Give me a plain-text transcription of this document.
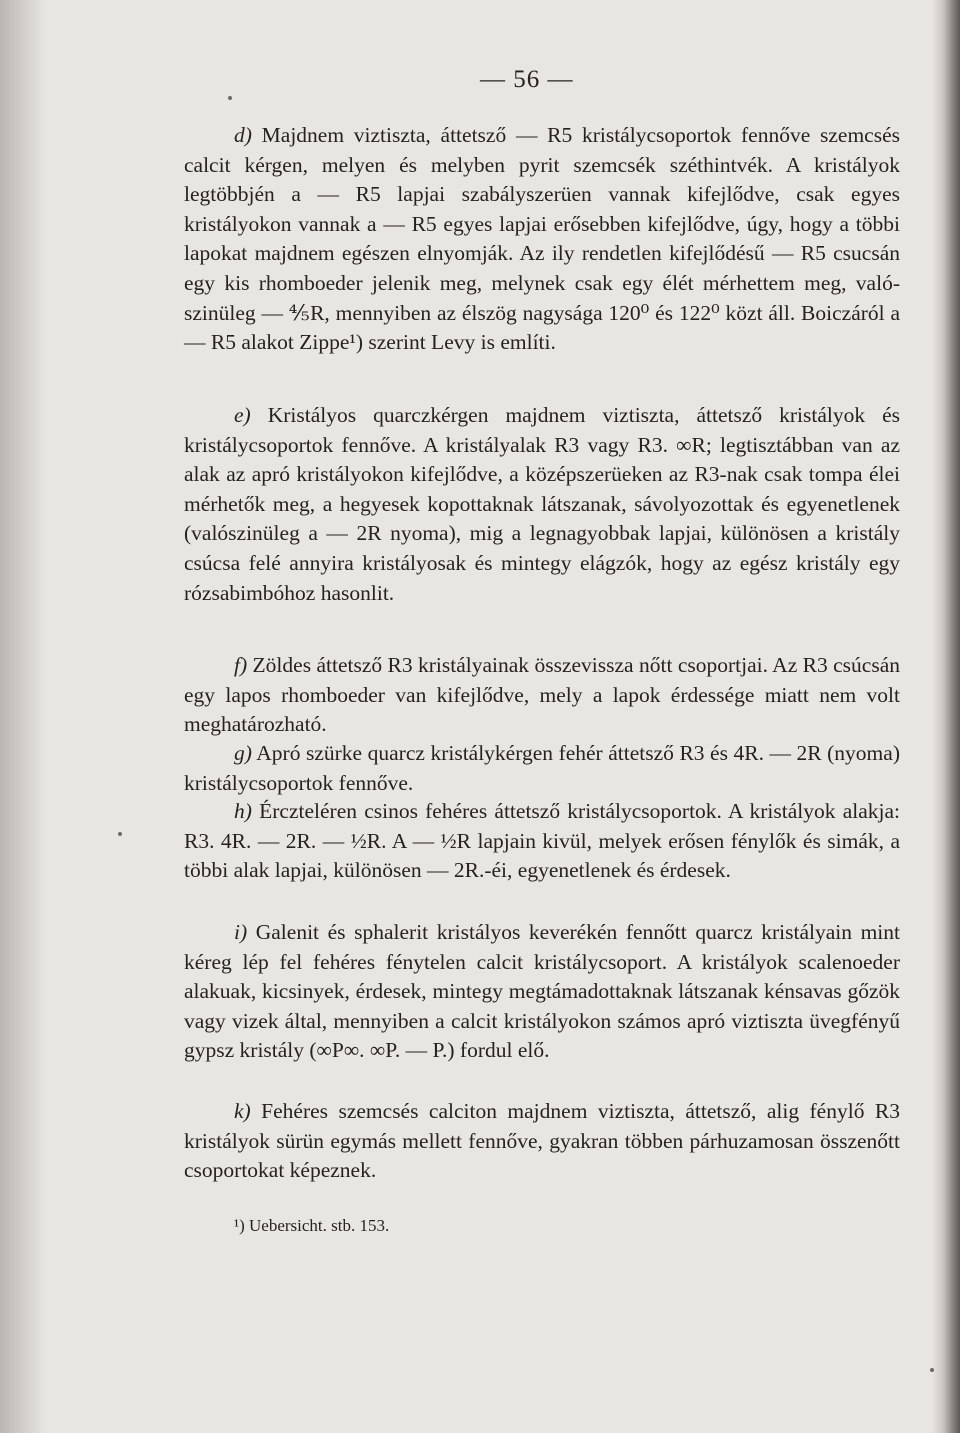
— 56 —

d) Majdnem viztiszta, áttetsző — R5 kristálycsoportok fennőve szemcsés calcit kérgen, melyen és melyben pyrit szemcsék széthintvék. A kristályok legtöbbjén a — R5 lapjai szabályszerüen vannak kifejlődve, csak egyes kristályokon vannak a — R5 egyes lapjai erősebben kifejlődve, úgy, hogy a többi lapokat majdnem egészen elnyomják. Az ily rendetlen kifejlődésű — R5 csucsán egy kis rhomboeder jelenik meg, melynek csak egy élét mérhettem meg, valószinüleg — ⅘R, mennyiben az élszög nagysága 120⁰ és 122⁰ közt áll. Boiczáról a — R5 alakot Zippe¹) szerint Levy is említi.

e) Kristályos quarczkérgen majdnem viztiszta, áttetsző kristályok és kristálycsoportok fennőve. A kristályalak R3 vagy R3. ∞R; legtisztábban van az alak az apró kristályokon kifejlődve, a középszerüeken az R3-nak csak tompa élei mérhetők meg, a hegyesek kopottaknak látszanak, sávolyozottak és egyenetlenek (valószinüleg a — 2R nyoma), mig a legnagyobbak lapjai, különösen a kristály csúcsa felé annyira kristályosak és mintegy elágzók, hogy az egész kristály egy rózsabimbóhoz hasonlit.

f) Zöldes áttetsző R3 kristályainak összevissza nőtt csoportjai. Az R3 csúcsán egy lapos rhomboeder van kifejlődve, mely a lapok érdessége miatt nem volt meghatározható.

g) Apró szürke quarcz kristálykérgen fehér áttetsző R3 és 4R. — 2R (nyoma) kristálycsoportok fennőve.

h) Érczteléren csinos fehéres áttetsző kristálycsoportok. A kristályok alakja: R3. 4R. — 2R. — ½R. A — ½R lapjain kivül, melyek erősen fénylők és simák, a többi alak lapjai, különösen — 2R.-éi, egyenetlenek és érdesek.

i) Galenit és sphalerit kristályos keverékén fennőtt quarcz kristályain mint kéreg lép fel fehéres fénytelen calcit kristálycsoport. A kristályok scalenoeder alakuak, kicsinyek, érdesek, mintegy megtámadottaknak látszanak kénsavas gőzök vagy vizek által, mennyiben a calcit kristályokon számos apró viztiszta üvegfényű gypsz kristály (∞P∞. ∞P. — P.) fordul elő.

k) Fehéres szemcsés calciton majdnem viztiszta, áttetsző, alig fénylő R3 kristályok sürün egymás mellett fennőve, gyakran többen párhuzamosan összenőtt csoportokat képeznek.

¹) Uebersicht. stb. 153.
